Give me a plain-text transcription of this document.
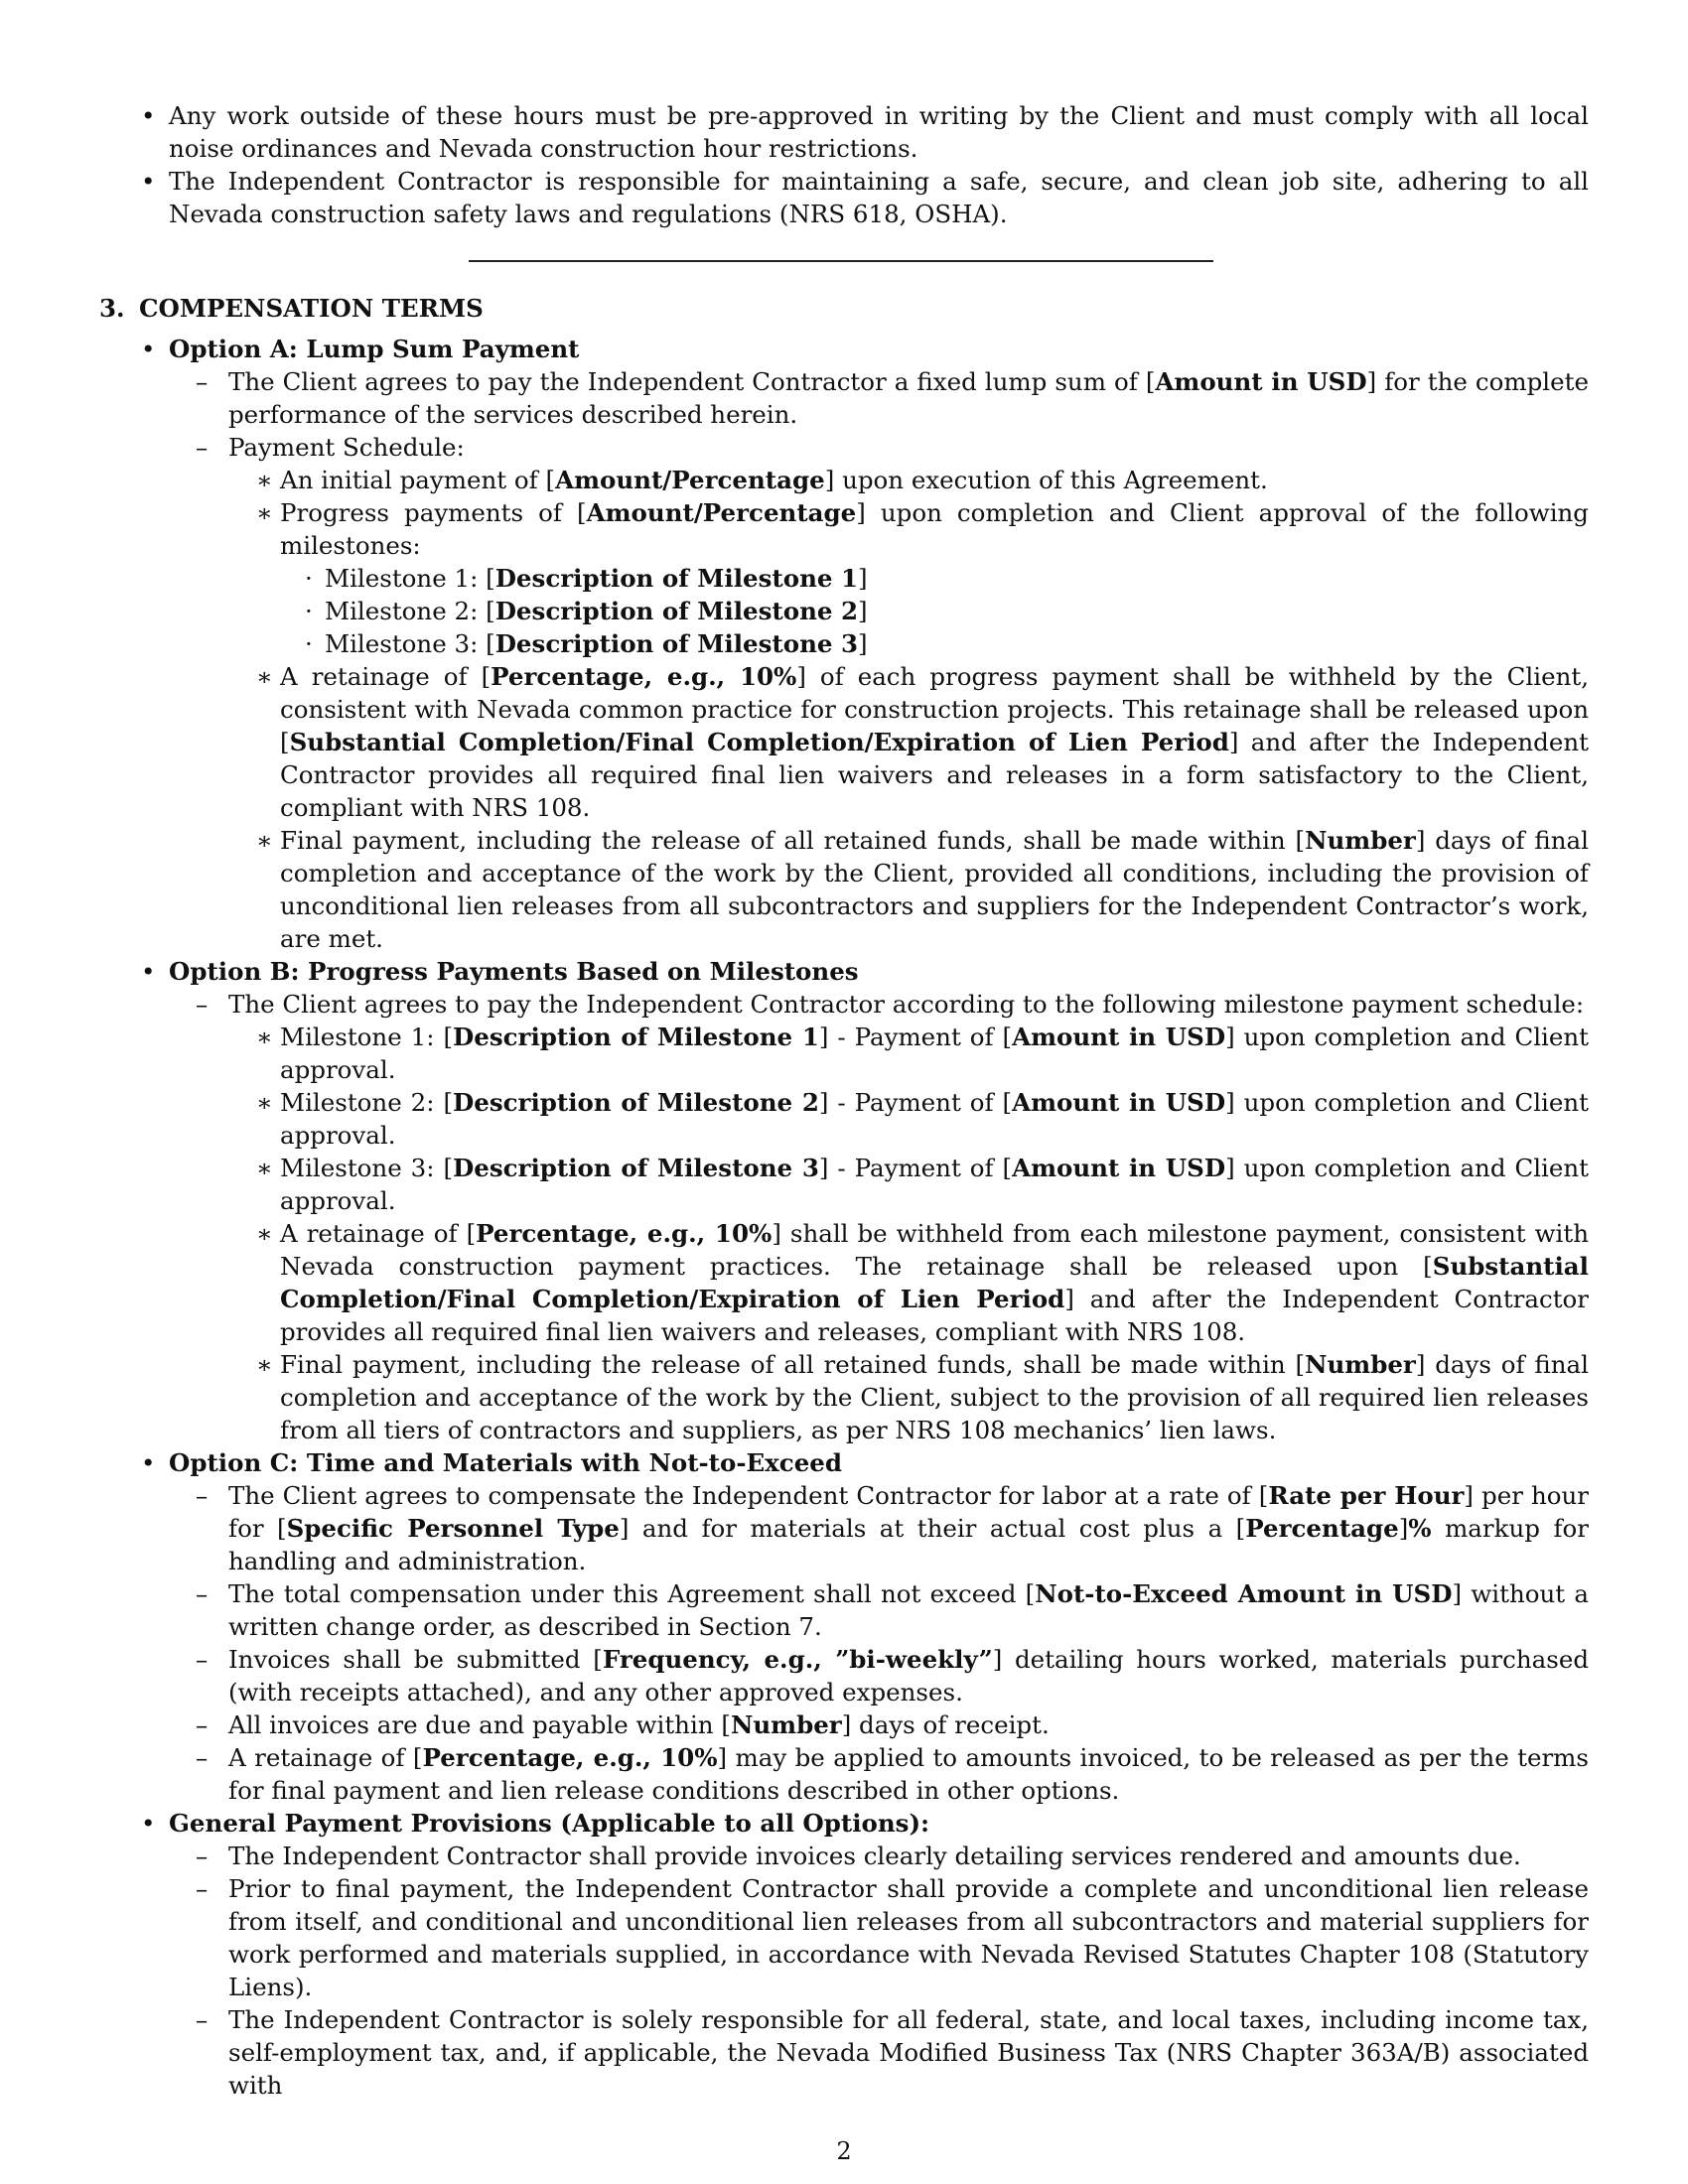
• Any work outside of these hours must be pre-approved in writing by the Client and must comply with all local noise ordinances and Nevada construction hour restrictions.
• The Independent Contractor is responsible for maintaining a safe, secure, and clean job site, adhering to all Nevada construction safety laws and regulations (NRS 618, OSHA).
3. COMPENSATION TERMS
• Option A: Lump Sum Payment
– The Client agrees to pay the Independent Contractor a fixed lump sum of [Amount in USD] for the complete performance of the services described herein.
– Payment Schedule:
∗ An initial payment of [Amount/Percentage] upon execution of this Agreement.
∗ Progress payments of [Amount/Percentage] upon completion and Client approval of the following milestones:
· Milestone 1: [Description of Milestone 1]
· Milestone 2: [Description of Milestone 2]
· Milestone 3: [Description of Milestone 3]
∗ A retainage of [Percentage, e.g., 10%] of each progress payment shall be withheld by the Client, consistent with Nevada common practice for construction projects. This retainage shall be released upon [Substantial Completion/Final Completion/Expiration of Lien Period] and after the Independent Contractor provides all required final lien waivers and releases in a form satisfactory to the Client, compliant with NRS 108.
∗ Final payment, including the release of all retained funds, shall be made within [Number] days of final completion and acceptance of the work by the Client, provided all conditions, including the provision of unconditional lien releases from all subcontractors and suppliers for the Independent Contractor’s work, are met.
• Option B: Progress Payments Based on Milestones
– The Client agrees to pay the Independent Contractor according to the following milestone payment schedule:
∗ Milestone 1: [Description of Milestone 1] - Payment of [Amount in USD] upon completion and Client approval.
∗ Milestone 2: [Description of Milestone 2] - Payment of [Amount in USD] upon completion and Client approval.
∗ Milestone 3: [Description of Milestone 3] - Payment of [Amount in USD] upon completion and Client approval.
∗ A retainage of [Percentage, e.g., 10%] shall be withheld from each milestone payment, consistent with Nevada construction payment practices. The retainage shall be released upon [Substantial Completion/Final Completion/Expiration of Lien Period] and after the Independent Contractor provides all required final lien waivers and releases, compliant with NRS 108.
∗ Final payment, including the release of all retained funds, shall be made within [Number] days of final completion and acceptance of the work by the Client, subject to the provision of all required lien releases from all tiers of contractors and suppliers, as per NRS 108 mechanics’ lien laws.
• Option C: Time and Materials with Not-to-Exceed
– The Client agrees to compensate the Independent Contractor for labor at a rate of [Rate per Hour] per hour for [Specific Personnel Type] and for materials at their actual cost plus a [Percentage]% markup for handling and administration.
– The total compensation under this Agreement shall not exceed [Not-to-Exceed Amount in USD] without a written change order, as described in Section 7.
– Invoices shall be submitted [Frequency, e.g., ”bi-weekly”] detailing hours worked, materials purchased (with receipts attached), and any other approved expenses.
– All invoices are due and payable within [Number] days of receipt.
– A retainage of [Percentage, e.g., 10%] may be applied to amounts invoiced, to be released as per the terms for final payment and lien release conditions described in other options.
• General Payment Provisions (Applicable to all Options):
– The Independent Contractor shall provide invoices clearly detailing services rendered and amounts due.
– Prior to final payment, the Independent Contractor shall provide a complete and unconditional lien release from itself, and conditional and unconditional lien releases from all subcontractors and material suppliers for work performed and materials supplied, in accordance with Nevada Revised Statutes Chapter 108 (Statutory Liens).
– The Independent Contractor is solely responsible for all federal, state, and local taxes, including income tax, self-employment tax, and, if applicable, the Nevada Modified Business Tax (NRS Chapter 363A/B) associated with
2
